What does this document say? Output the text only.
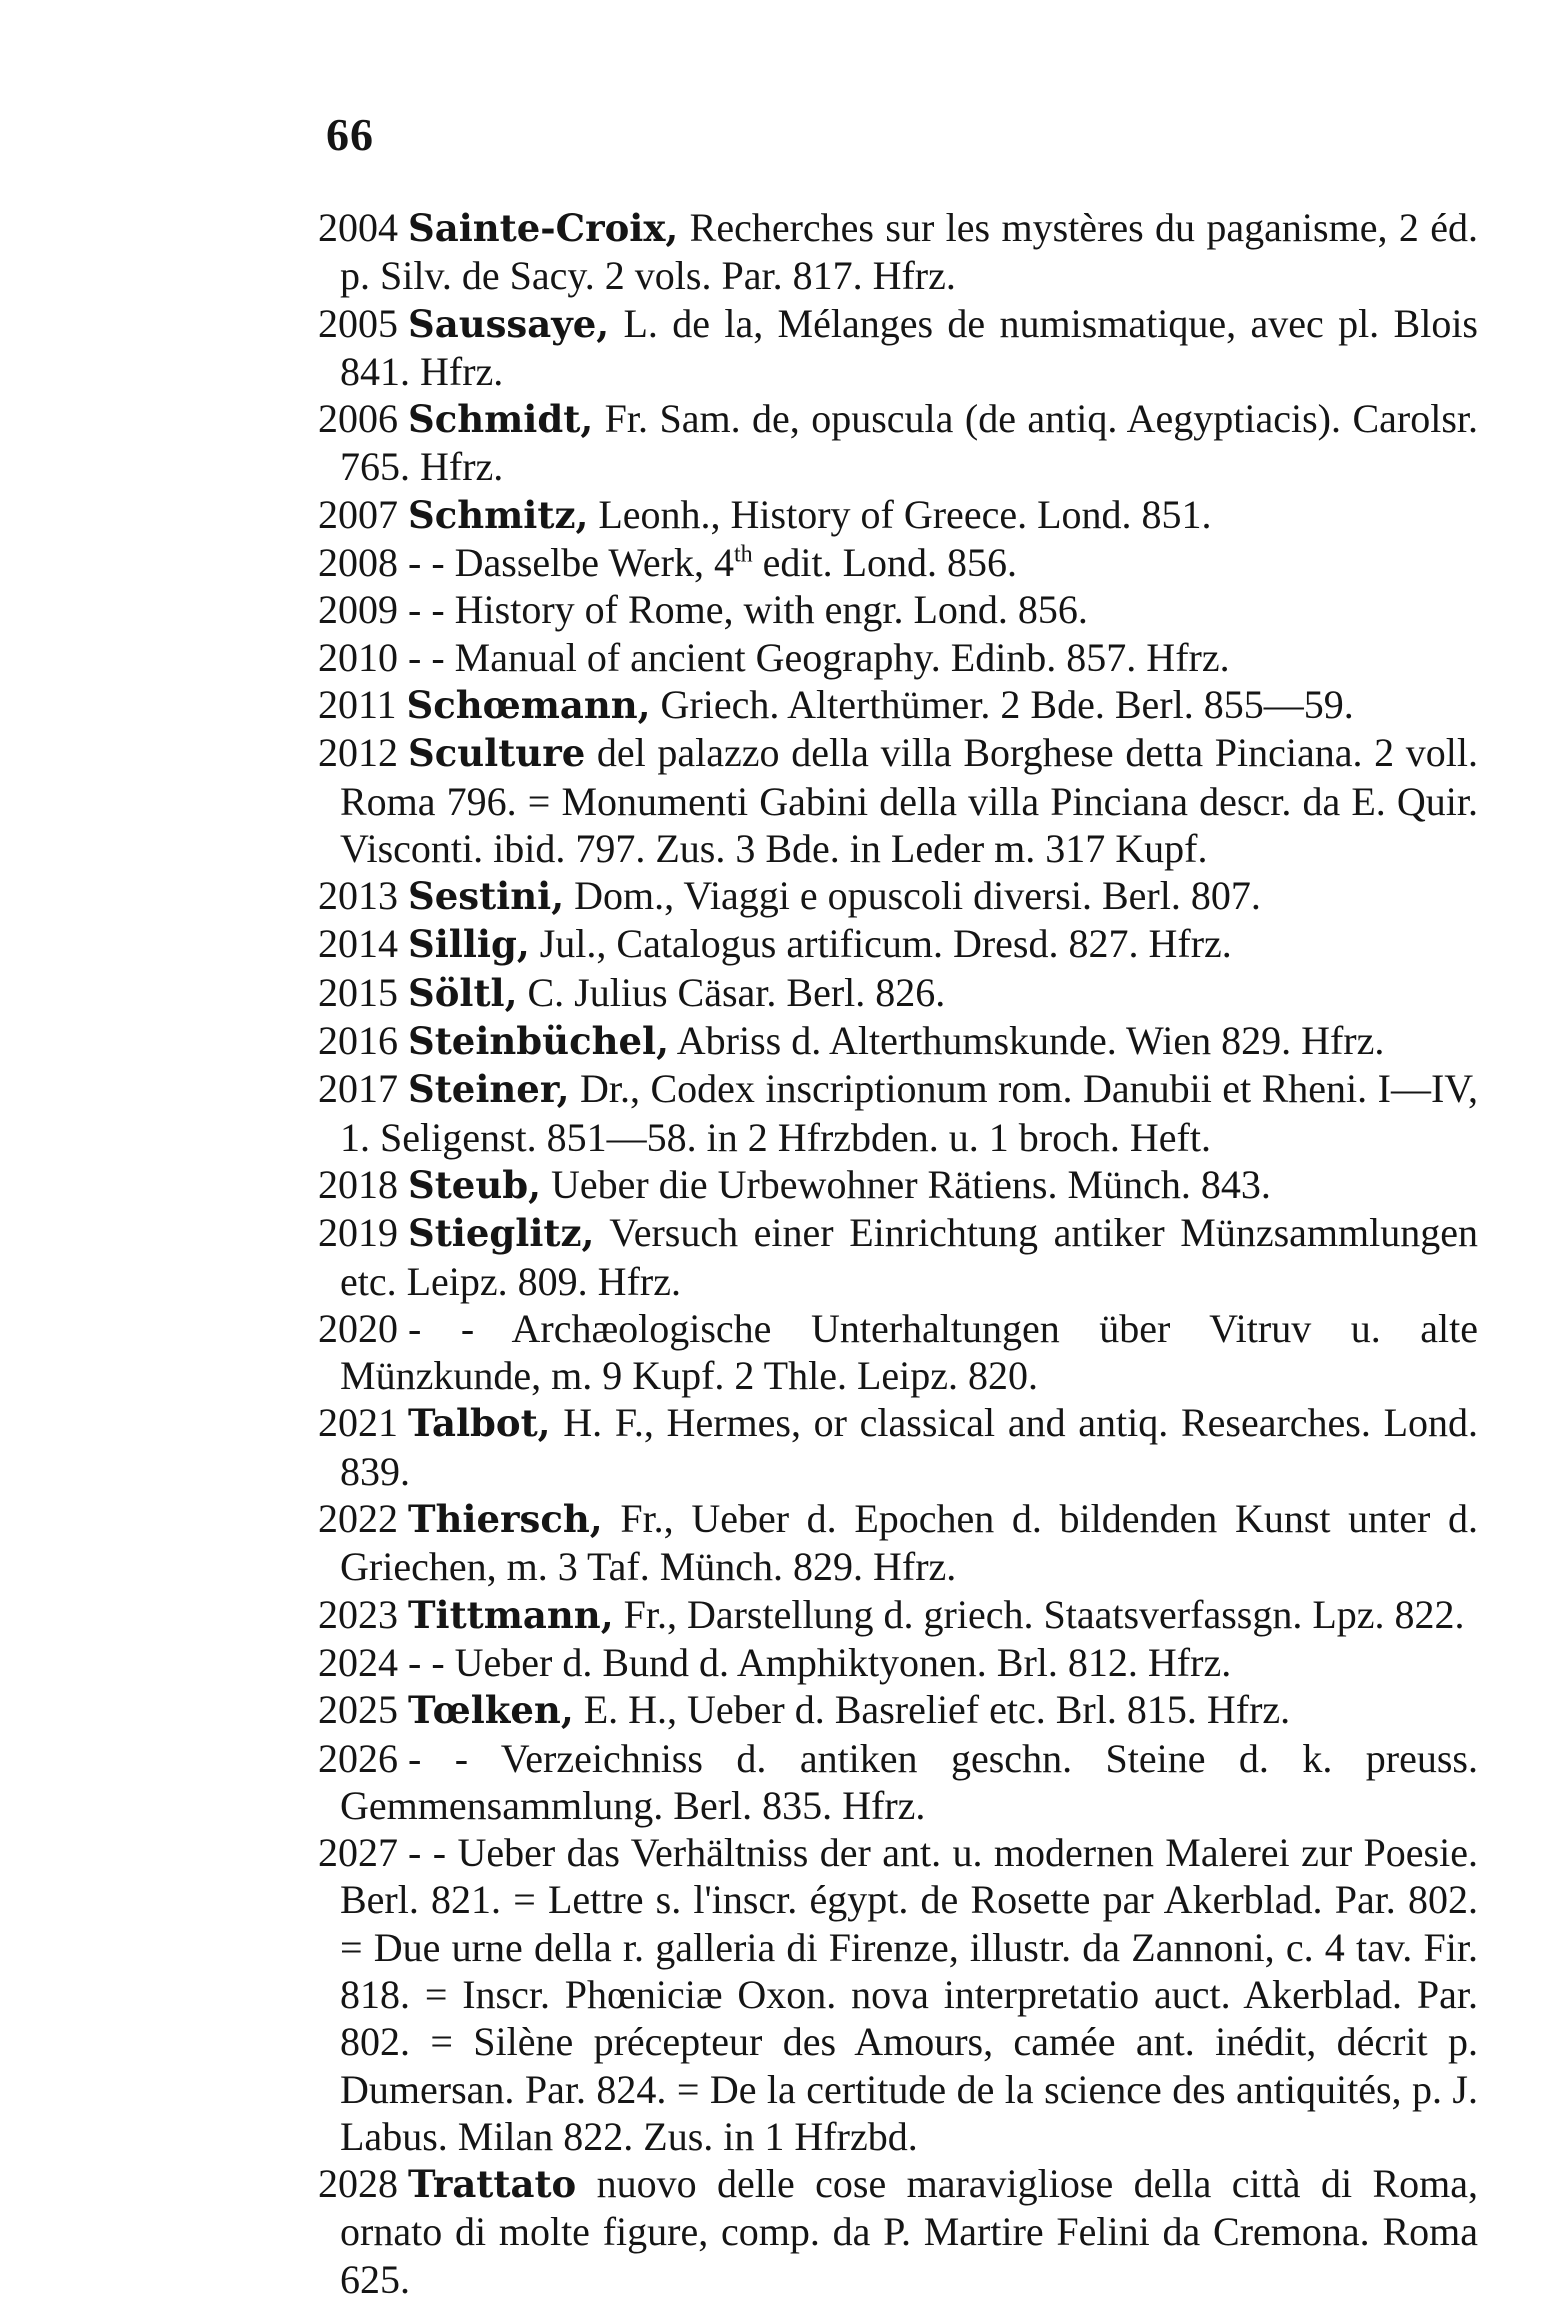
66

2004 Sainte-Croix, Recherches sur les mystères du paganisme, 2 éd. p. Silv. de Sacy. 2 vols. Par. 817. Hfrz.

2005 Saussaye, L. de la, Mélanges de numismatique, avec pl. Blois 841. Hfrz.

2006 Schmidt, Fr. Sam. de, opuscula (de antiq. Aegyptiacis). Carolsr. 765. Hfrz.

2007 Schmitz, Leonh., History of Greece. Lond. 851.

2008 - - Dasselbe Werk, 4th edit. Lond. 856.

2009 - - History of Rome, with engr. Lond. 856.

2010 - - Manual of ancient Geography. Edinb. 857. Hfrz.

2011 Schœmann, Griech. Alterthümer. 2 Bde. Berl. 855—59.

2012 Sculture del palazzo della villa Borghese detta Pinciana. 2 voll. Roma 796. = Monumenti Gabini della villa Pinciana descr. da E. Quir. Visconti. ibid. 797. Zus. 3 Bde. in Leder m. 317 Kupf.

2013 Sestini, Dom., Viaggi e opuscoli diversi. Berl. 807.

2014 Sillig, Jul., Catalogus artificum. Dresd. 827. Hfrz.

2015 Söltl, C. Julius Cäsar. Berl. 826.

2016 Steinbüchel, Abriss d. Alterthumskunde. Wien 829. Hfrz.

2017 Steiner, Dr., Codex inscriptionum rom. Danubii et Rheni. I—IV, 1. Seligenst. 851—58. in 2 Hfrzbden. u. 1 broch. Heft.

2018 Steub, Ueber die Urbewohner Rätiens. Münch. 843.

2019 Stieglitz, Versuch einer Einrichtung antiker Münzsammlungen etc. Leipz. 809. Hfrz.

2020 - - Archæologische Unterhaltungen über Vitruv u. alte Münzkunde, m. 9 Kupf. 2 Thle. Leipz. 820.

2021 Talbot, H. F., Hermes, or classical and antiq. Researches. Lond. 839.

2022 Thiersch, Fr., Ueber d. Epochen d. bildenden Kunst unter d. Griechen, m. 3 Taf. Münch. 829. Hfrz.

2023 Tittmann, Fr., Darstellung d. griech. Staatsverfassgn. Lpz. 822.

2024 - - Ueber d. Bund d. Amphiktyonen. Brl. 812. Hfrz.

2025 Tœlken, E. H., Ueber d. Basrelief etc. Brl. 815. Hfrz.

2026 - - Verzeichniss d. antiken geschn. Steine d. k. preuss. Gemmensammlung. Berl. 835. Hfrz.

2027 - - Ueber das Verhältniss der ant. u. modernen Malerei zur Poesie. Berl. 821. = Lettre s. l'inscr. égypt. de Rosette par Akerblad. Par. 802. = Due urne della r. galleria di Firenze, illustr. da Zannoni, c. 4 tav. Fir. 818. = Inscr. Phœniciæ Oxon. nova interpretatio auct. Akerblad. Par. 802. = Silène précepteur des Amours, camée ant. inédit, décrit p. Dumersan. Par. 824. = De la certitude de la science des antiquités, p. J. Labus. Milan 822. Zus. in 1 Hfrzbd.

2028 Trattato nuovo delle cose maravigliose della città di Roma, ornato di molte figure, comp. da P. Martire Felini da Cremona. Roma 625.
